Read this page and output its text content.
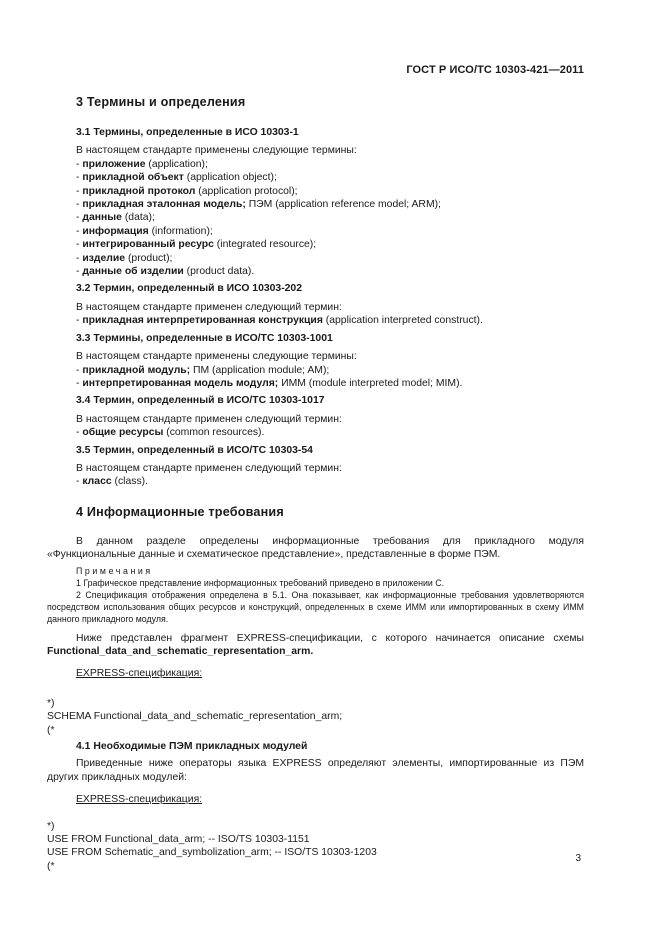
ГОСТ Р ИСО/ТС 10303-421—2011
3 Термины и определения
3.1 Термины, определенные в ИСО 10303-1
В настоящем стандарте применены следующие термины:
- приложение (application);
- прикладной объект (application object);
- прикладной протокол (application protocol);
- прикладная эталонная модель; ПЭМ (application reference model; ARM);
- данные (data);
- информация (information);
- интегрированный ресурс (integrated resource);
- изделие (product);
- данные об изделии (product data).
3.2 Термин, определенный в ИСО 10303-202
В настоящем стандарте применен следующий термин:
- прикладная интерпретированная конструкция (application interpreted construct).
3.3 Термины, определенные в ИСО/ТС 10303-1001
В настоящем стандарте применены следующие термины:
- прикладной модуль; ПМ (application module; AM);
- интерпретированная модель модуля; ИММ (module interpreted model; MIM).
3.4 Термин, определенный в ИСО/ТС 10303-1017
В настоящем стандарте применен следующий термин:
- общие ресурсы (common resources).
3.5 Термин, определенный в ИСО/ТС 10303-54
В настоящем стандарте применен следующий термин:
- класс (class).
4 Информационные требования
В данном разделе определены информационные требования для прикладного модуля «Функциональные данные и схематическое представление», представленные в форме ПЭМ.
Примечания
1 Графическое представление информационных требований приведено в приложении С.
2 Спецификация отображения определена в 5.1. Она показывает, как информационные требования удовлетворяются посредством использования общих ресурсов и конструкций, определенных в схеме ИММ или импортированных в схему ИММ данного прикладного модуля.
Ниже представлен фрагмент EXPRESS-спецификации, с которого начинается описание схемы Functional_data_and_schematic_representation_arm.
EXPRESS-спецификация:
*)
SCHEMA Functional_data_and_schematic_representation_arm;
(*
4.1 Необходимые ПЭМ прикладных модулей
Приведенные ниже операторы языка EXPRESS определяют элементы, импортированные из ПЭМ других прикладных модулей:
EXPRESS-спецификация:
*)
USE FROM Functional_data_arm; -- ISO/TS 10303-1151
USE FROM Schematic_and_symbolization_arm; -- ISO/TS 10303-1203
(*
3
